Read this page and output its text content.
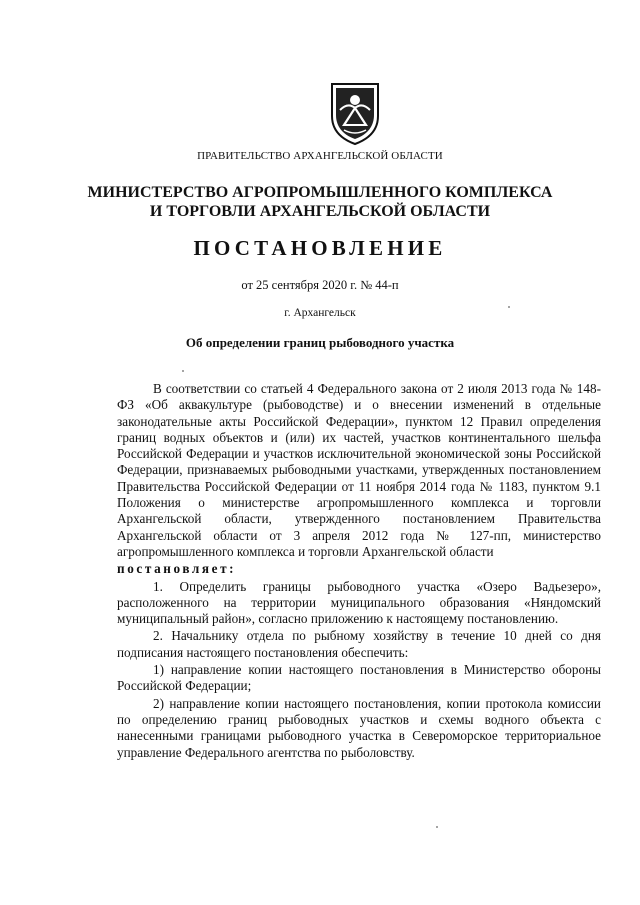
ПРАВИТЕЛЬСТВО АРХАНГЕЛЬСКОЙ ОБЛАСТИ
МИНИСТЕРСТВО АГРОПРОМЫШЛЕННОГО КОМПЛЕКСА
И ТОРГОВЛИ АРХАНГЕЛЬСКОЙ ОБЛАСТИ
ПОСТАНОВЛЕНИЕ
от 25 сентября 2020 г. № 44-п
г. Архангельск
Об определении границ рыбоводного участка

В соответствии со статьей 4 Федерального закона от 2 июля 2013 года № 148-ФЗ «Об аквакультуре (рыбоводстве) и о внесении изменений в отдельные законодательные акты Российской Федерации», пунктом 12 Правил определения границ водных объектов и (или) их частей, участков континентального шельфа Российской Федерации и участков исключительной экономической зоны Российской Федерации, признаваемых рыбоводными участками, утвержденных постановлением Правительства Российской Федерации от 11 ноября 2014 года № 1183, пунктом 9.1 Положения о министерстве агропромышленного комплекса и торговли Архангельской области, утвержденного постановлением Правительства Архангельской области от 3 апреля 2012 года № 127-пп, министерство агропромышленного комплекса и торговли Архангельской области

постановляет:

1. Определить границы рыбоводного участка «Озеро Вадьезеро», расположенного на территории муниципального образования «Няндомский муниципальный район», согласно приложению к настоящему постановлению.

2. Начальнику отдела по рыбному хозяйству в течение 10 дней со дня подписания настоящего постановления обеспечить:

1) направление копии настоящего постановления в Министерство обороны Российской Федерации;

2) направление копии настоящего постановления, копии протокола комиссии по определению границ рыбоводных участков и схемы водного объекта с нанесенными границами рыбоводного участка в Североморское территориальное управление Федерального агентства по рыболовству.
